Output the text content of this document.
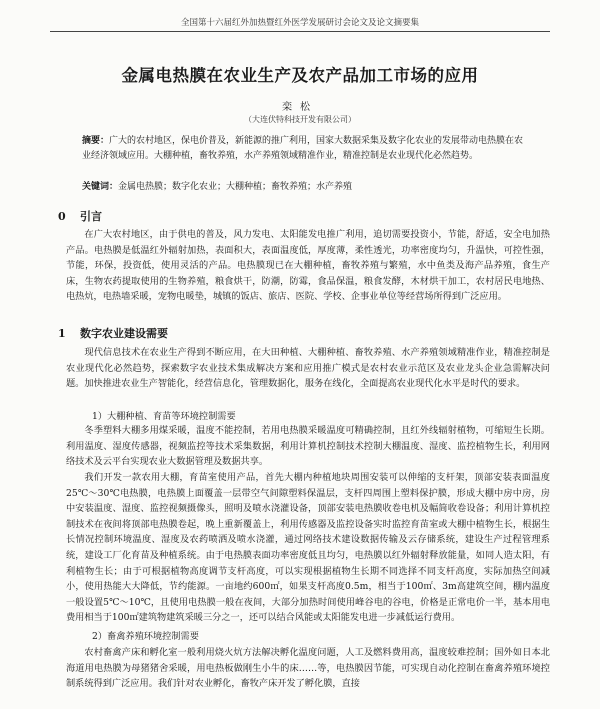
全国第十六届红外加热暨红外医学发展研讨会论文及论文摘要集
金属电热膜在农业生产及农产品加工市场的应用
栾松
（大连伏特科技开发有限公司）
摘要：广大的农村地区，保电价普及，新能源的推广利用，国家大数据采集及数字化农业的发展带动电热膜在农业经济领域应用。大棚种植，畜牧养殖，水产养殖领域精准作业，精准控制是农业现代化必然趋势。
关键词：金属电热膜；数字化农业；大棚种植；畜牧养殖；水产养殖
0 引言
在广大农村地区，由于供电的普及，风力发电、太阳能发电推广利用，追切需要投资小，节能，舒适，安全电加热产品。电热膜是低温红外辐射加热，表面积大，表面温度低，厚度薄，柔性透光，功率密度均匀，升温快，可控性强，节能，环保，投资低，使用灵活的产品。电热膜现已在大棚种植，畜牧养殖与繁殖，水中鱼类及海产品养殖，食生产床，生物农药提取使用的生物养殖，粮食烘干，防潮，防霉，食品保温，粮食发酵，木材烘干加工，农村居民电地热、电热炕，电热墙采暖，宠物电暖垫，城镇的饭店、旅店、医院、学校、企事业单位等经营场所得到广泛应用。
1 数字农业建设需要
现代信息技术在农业生产得到不断应用，在大田种植、大棚种植、畜牧养殖、水产养殖领域精准作业，精准控制是农业现代化必然趋势，探索数字农业技术集成解决方案和应用推广模式是农村农业示范区及农业龙头企业急需解决问题。加快推进农业生产智能化，经营信息化，管理数据化，服务在线化，全面提高农业现代化水平是时代的要求。
1）大棚种植、育苗等环境控制需要
冬季塑料大棚多用煤采暖，温度不能控制，若用电热膜采暖温度可精确控制，且红外线辐射植物，可缩短生长期。利用温度、湿度传感器，视频监控等技术采集数据，利用计算机控制技术控制大棚温度、湿度、监控植物生长，利用网络技术及云平台实现农业大数据管理及数据共享。
我们开发一款农用大棚，育苗室使用产品，首先大棚内种植地块周围安装可以伸缩的支杆架，顶部安装表面温度25℃～30℃电热膜，电热膜上面覆盖一层带空气间隙塑料保温层，支杆四周围上塑料保护膜，形成大棚中房中房，房中安装温度、湿度、监控视频摄像头，照明及喷水浇灌设备，顶部安装电热膜收卷电机及幅简收卷设备；利用计算机控制技术在夜间将顶部电热膜卷起，晚上重新覆盖上，利用传感器及监控设备实时监控育苗室或大棚中植物生长，根据生长情况控制环境温度、湿度及农药喷洒及喷水浇灌，通过网络技术建设数据传输及云存储系统，建设生产过程管理系统，建设工厂化育苗及种植系统。由于电热膜表面功率密度低且均匀，电热膜以红外辐射释放能量，如同人造太阳，有利植物生长；由于可根据植物高度调节支杆高度，可以实现根据植物生长期不同选择不同支杆高度，实际加热空间减小，使用热能大大降低，节约能源。一亩地约600㎡，如果支杆高度0.5m，相当于100㎡、3m高建筑空间，棚内温度一般设置5℃～10℃，且使用电热膜一般在夜间，大部分加热时间使用峰谷电的谷电，价格是正常电价一半，基本用电费用相当于100㎡建筑物建筑采暖三分之一，还可以结合风能或太阳能发电进一步减低运行费用。
2）畜禽养殖环境控制需要
农村畜禽产床和孵化室一般利用烧火炕方法解决孵化温度问题，人工及燃料费用高，温度较难控制；国外如日本北海道用电热膜为母猪猪舍采暖，用电热板做刚生小牛的床……等，电热膜因节能，可实现自动化控制在畜禽养殖环境控制系统得到广泛应用。我们针对农业孵化，畜牧产床开发了孵化膜，直接
